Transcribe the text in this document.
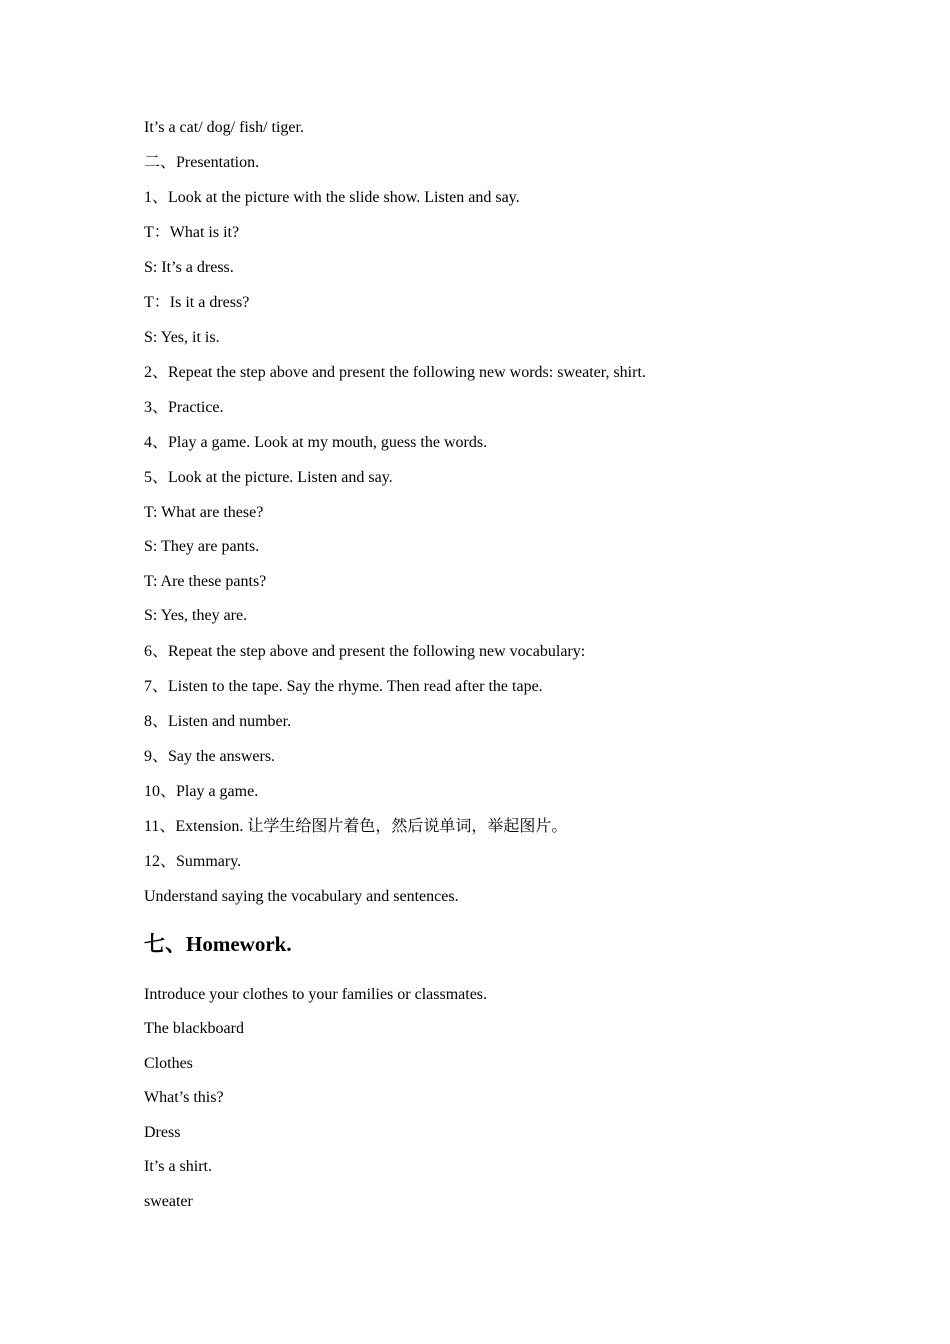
It’s a cat/ dog/ fish/ tiger.
二、Presentation.
1、Look at the picture with the slide show. Listen and say.
T：What is it?
S: It’s a dress.
T：Is it a dress?
S: Yes, it is.
2、Repeat the step above and present the following new words: sweater, shirt.
3、Practice.
4、Play a game. Look at my mouth, guess the words.
5、Look at the picture. Listen and say.
T: What are these?
S: They are pants.
T: Are these pants?
S: Yes, they are.
6、Repeat the step above and present the following new vocabulary:
7、Listen to the tape. Say the rhyme. Then read after the tape.
8、Listen and number.
9、Say the answers.
10、Play a game.
11、Extension. 让学生给图片着色，然后说单词，举起图片。
12、Summary.
Understand saying the vocabulary and sentences.
七、Homework.
Introduce your clothes to your families or classmates.
The blackboard
Clothes
What’s this?
Dress
It’s a shirt.
sweater
